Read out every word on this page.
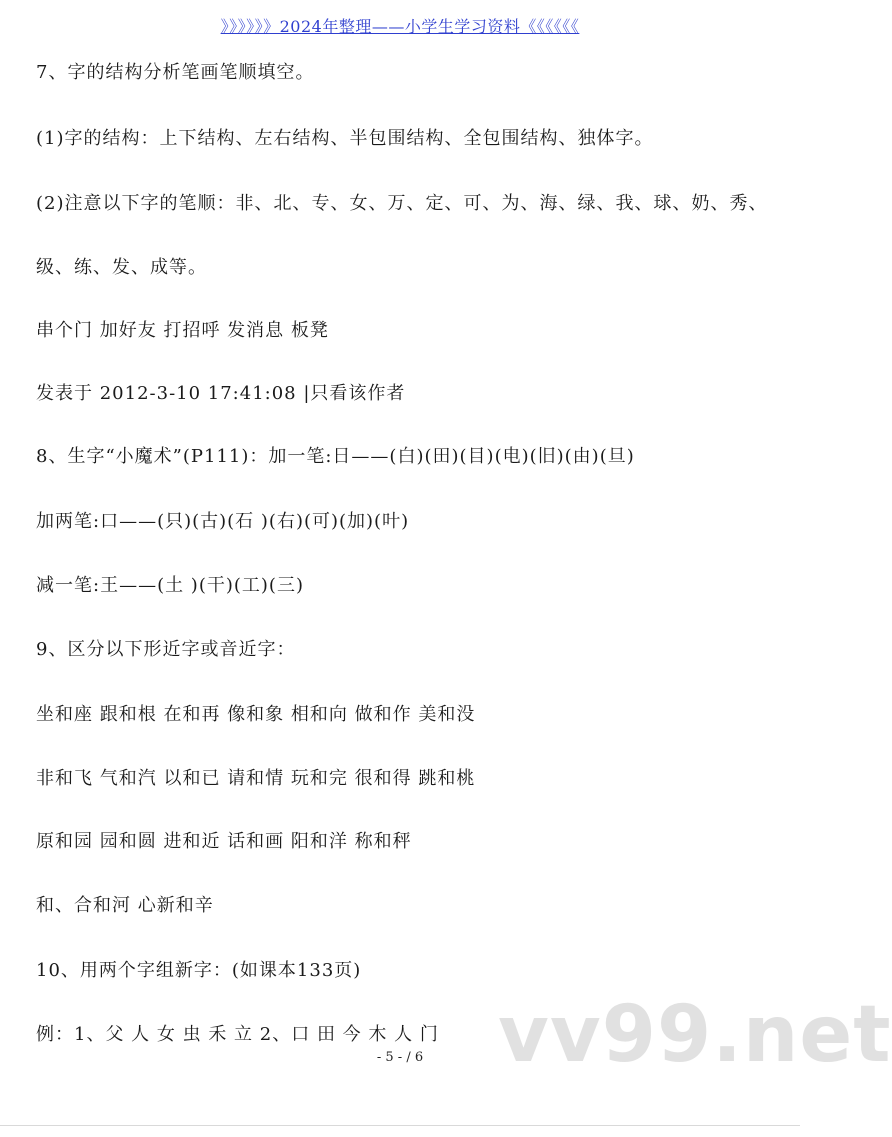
》》》》》》2024年整理——小学生学习资料《《《《《《
7、字的结构分析笔画笔顺填空。
(1)字的结构：上下结构、左右结构、半包围结构、全包围结构、独体字。
(2)注意以下字的笔顺：非、北、专、女、万、定、可、为、海、绿、我、球、奶、秀、
级、练、发、成等。
串个门 加好友 打招呼 发消息 板凳
发表于 2012-3-10 17:41:08 |只看该作者
8、生字“小魔术”(P111)：加一笔:日——(白)(田)(目)(电)(旧)(由)(旦)
加两笔:口——(只)(古)(石 )(右)(可)(加)(叶)
减一笔:王——(土 )(干)(工)(三)
9、区分以下形近字或音近字：
坐和座 跟和根 在和再 像和象 相和向 做和作 美和没
非和飞 气和汽 以和已 请和情 玩和完 很和得 跳和桃
原和园 园和圆 进和近 话和画 阳和洋 称和秤
和、合和河 心新和辛
10、用两个字组新字：(如课本133页)
例：1、父 人 女 虫 禾 立 2、口 田 今 木 人 门 vv99.net
- 5 - / 6
